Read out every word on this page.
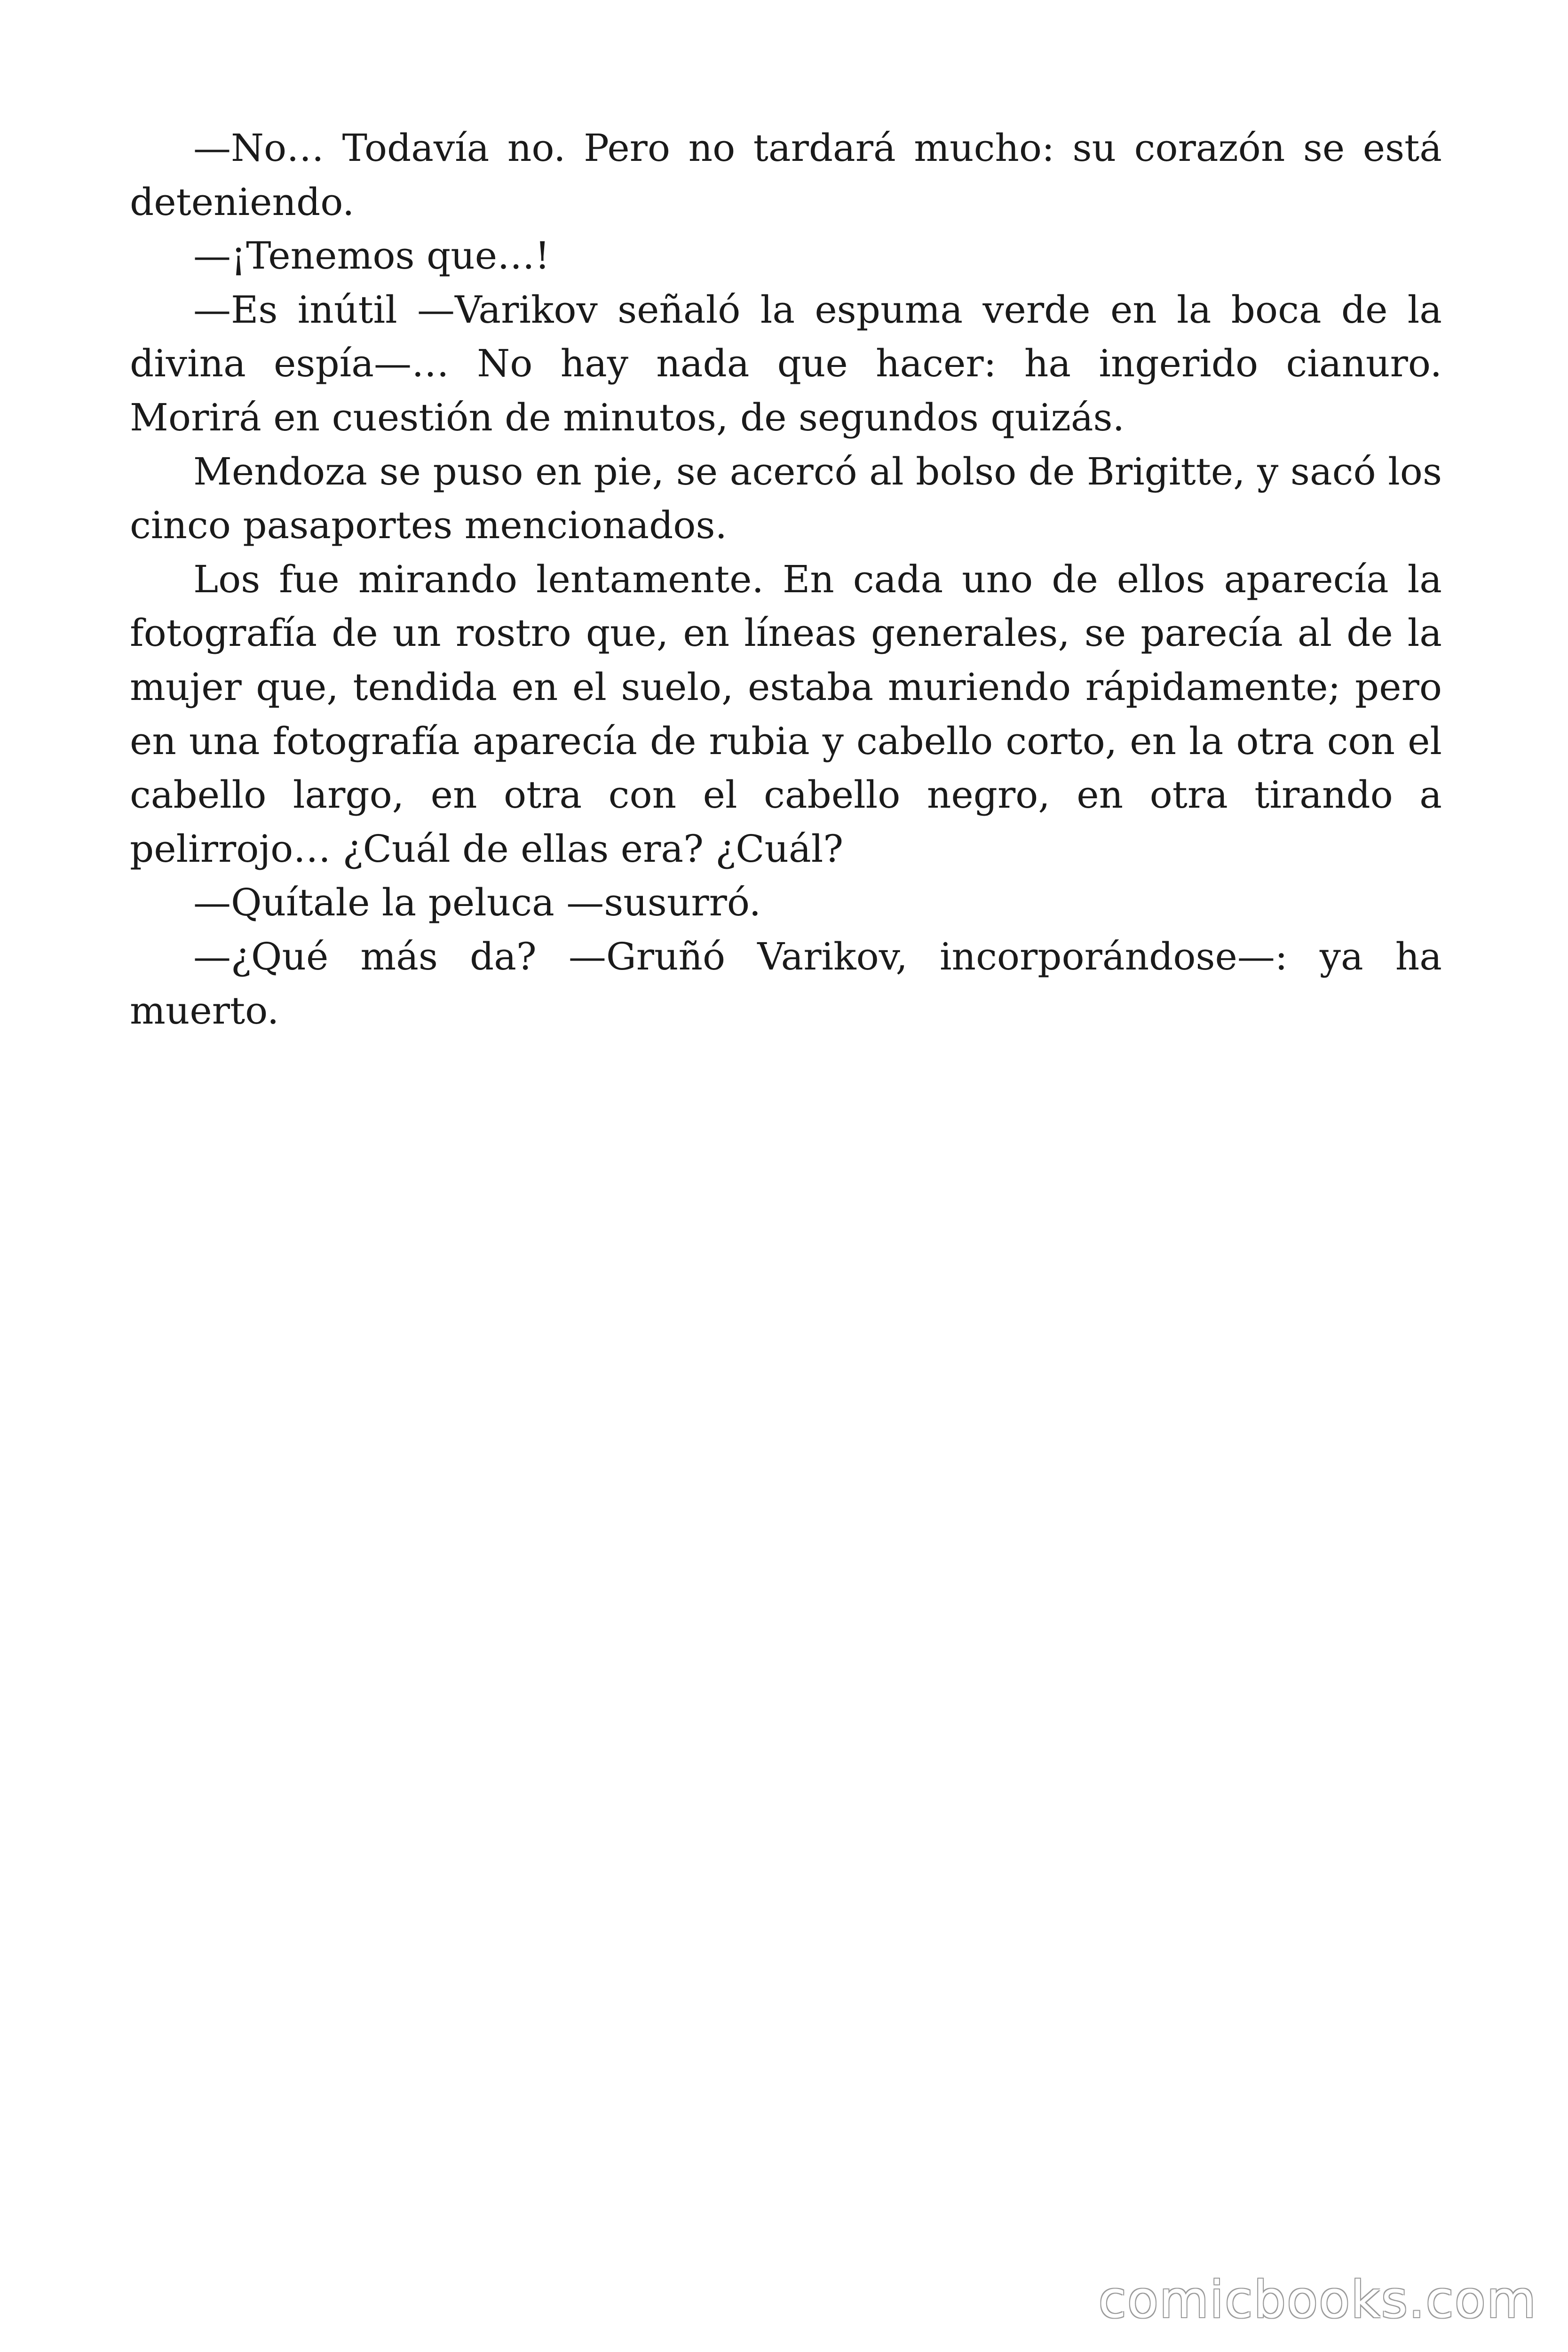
—No… Todavía no. Pero no tardará mucho: su corazón se está deteniendo.

—¡Tenemos que…!

—Es inútil —Varikov señaló la espuma verde en la boca de la divina espía—… No hay nada que hacer: ha ingerido cianuro. Morirá en cuestión de minutos, de segundos quizás.

Mendoza se puso en pie, se acercó al bolso de Brigitte, y sacó los cinco pasaportes mencionados.

Los fue mirando lentamente. En cada uno de ellos aparecía la fotografía de un rostro que, en líneas generales, se parecía al de la mujer que, tendida en el suelo, estaba muriendo rápidamente; pero en una fotografía aparecía de rubia y cabello corto, en la otra con el cabello largo, en otra con el cabello negro, en otra tirando a pelirrojo… ¿Cuál de ellas era? ¿Cuál?

—Quítale la peluca —susurró.

—¿Qué más da? —Gruñó Varikov, incorporándose—: ya ha muerto.

comicbooks.com
